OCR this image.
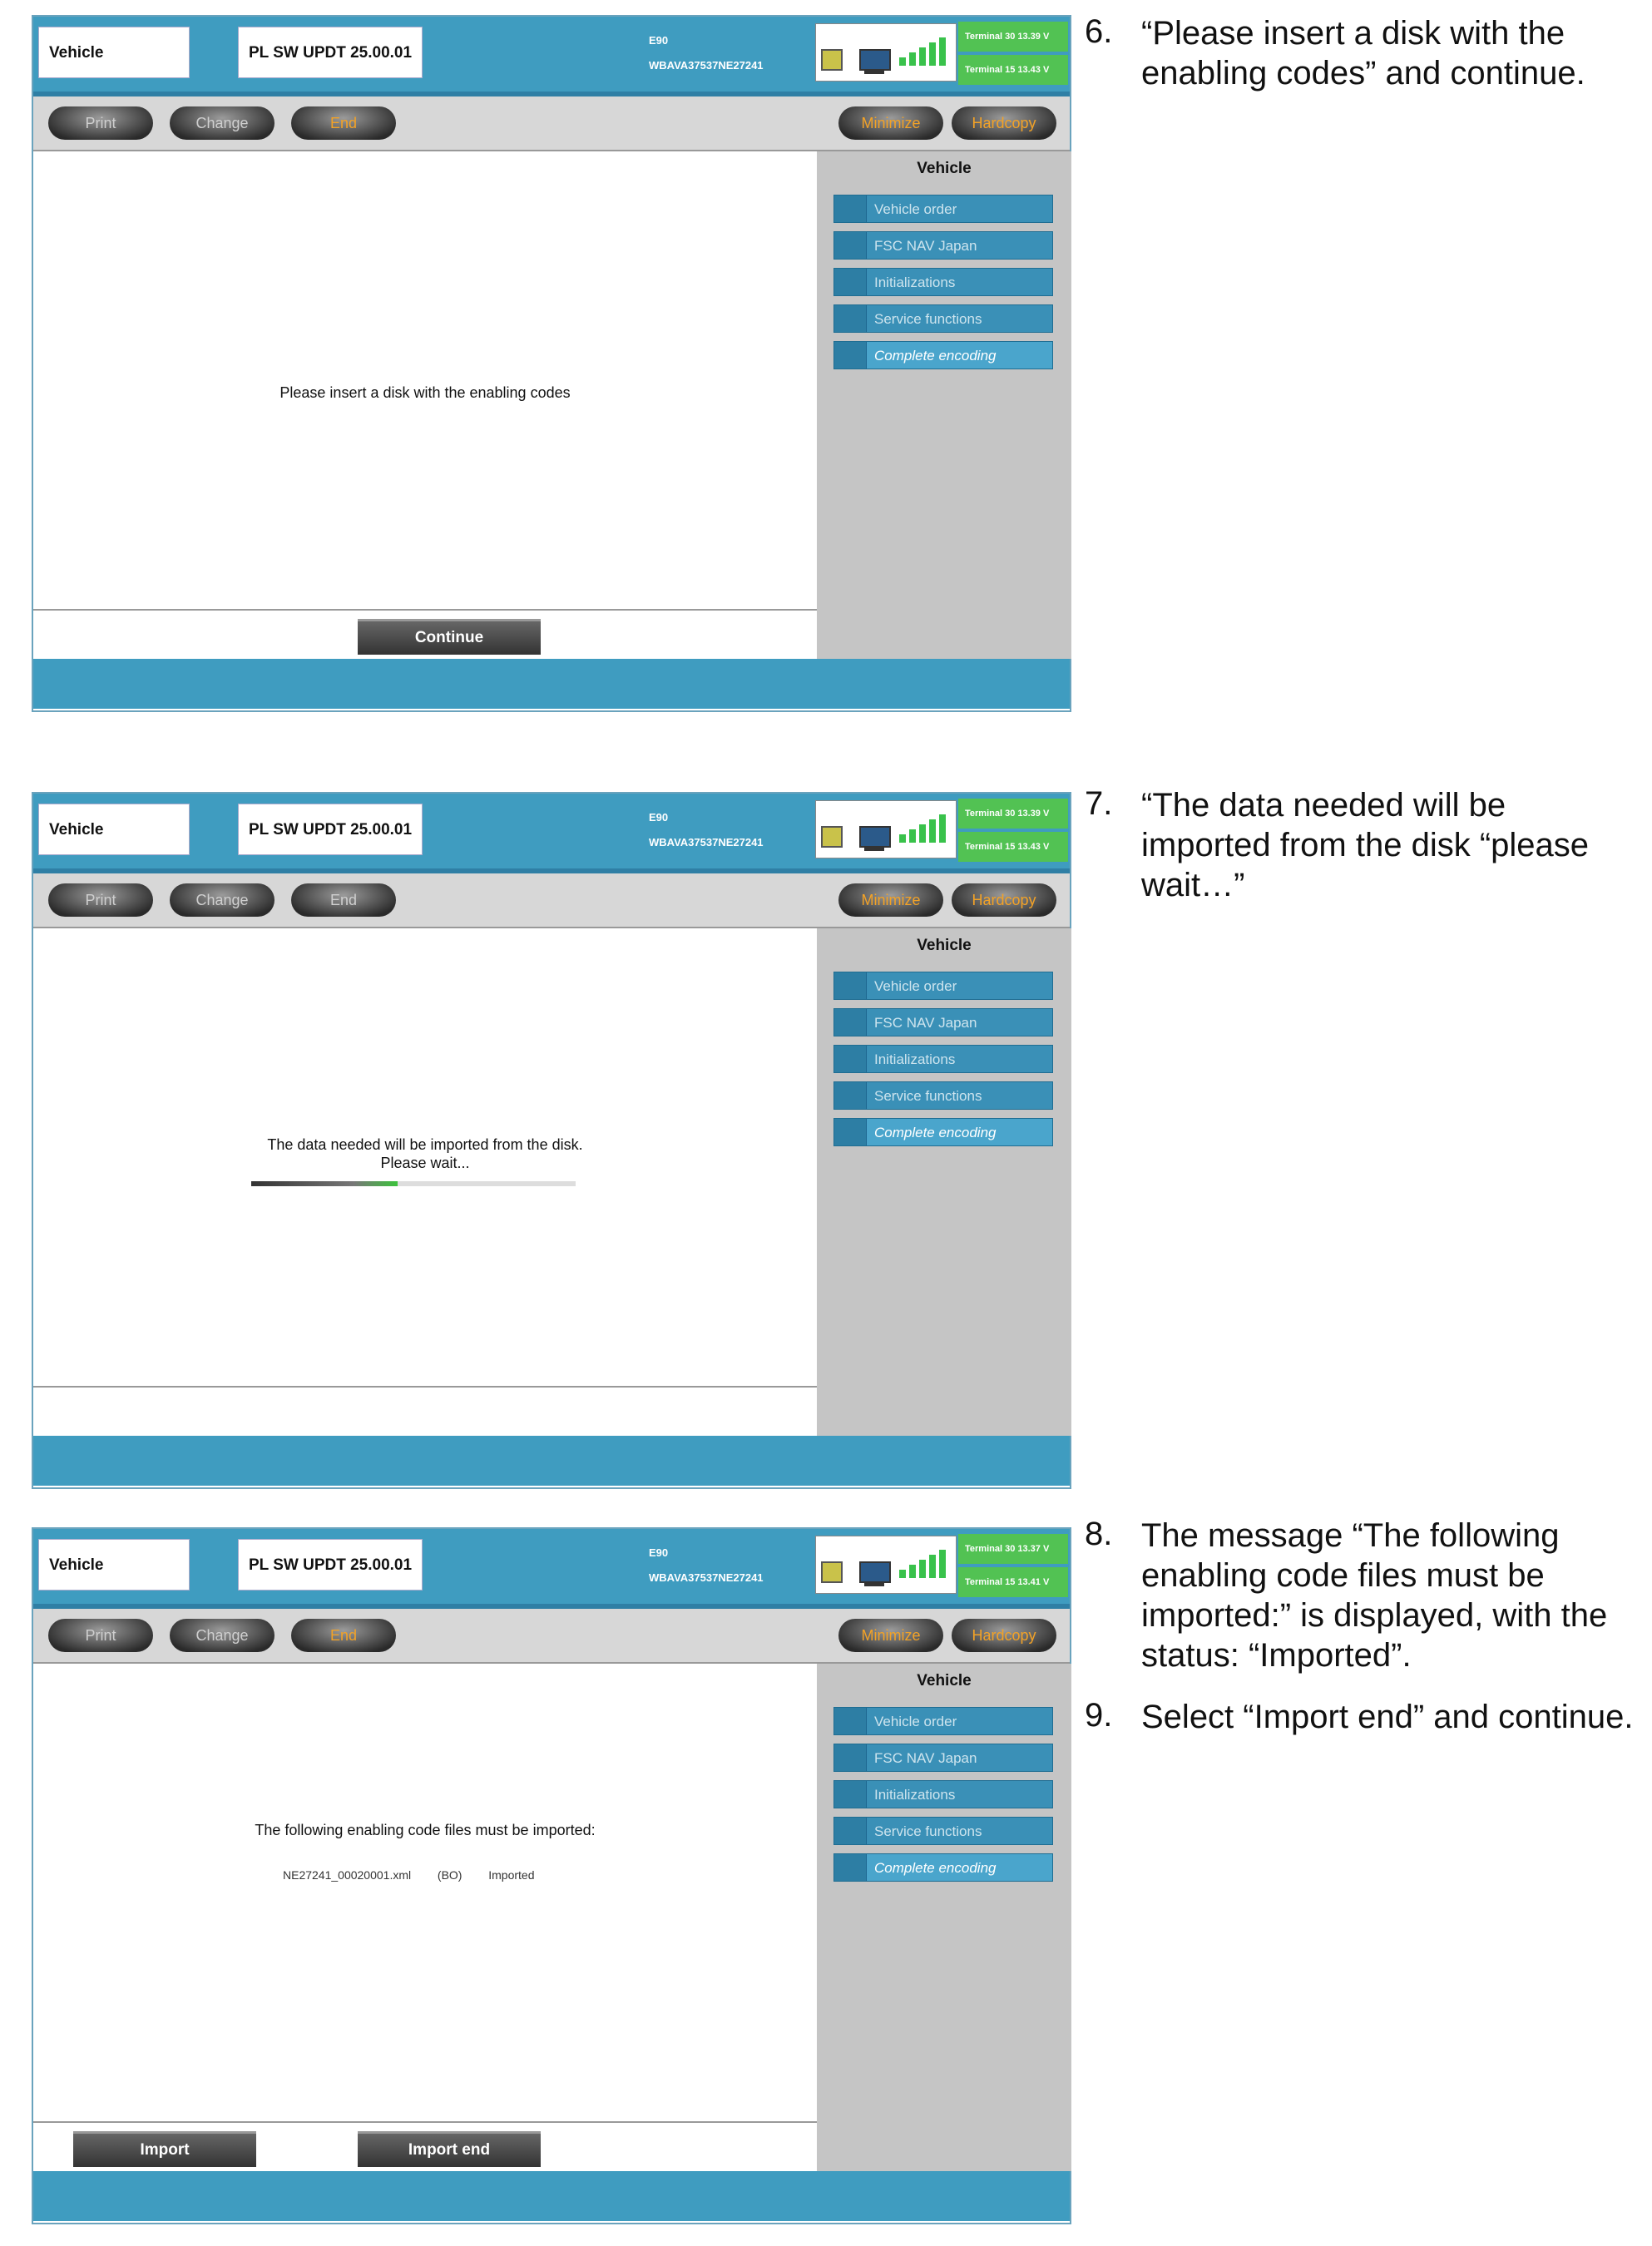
Vehicle	PL SW UPDT 25.00.01
E90
WBAVA37537NE27241
Terminal 30 13.39 V
Terminal 15 13.43 V
Print	Change	End	Minimize	Hardcopy
Please insert a disk with the enabling codes
Continue
Vehicle
Vehicle order
FSC NAV Japan
Initializations
Service functions
Complete encoding
Vehicle	PL SW UPDT 25.00.01
E90
WBAVA37537NE27241
Terminal 30 13.39 V
Terminal 15 13.43 V
Print	Change	End	Minimize	Hardcopy
The data needed will be imported from the disk.
Please wait...
Vehicle
Vehicle order
FSC NAV Japan
Initializations
Service functions
Complete encoding
Vehicle	PL SW UPDT 25.00.01
E90
WBAVA37537NE27241
Terminal 30 13.37 V
Terminal 15 13.41 V
Print	Change	End	Minimize	Hardcopy
The following enabling code files must be imported:
NE27241_00020001.xml (BO) Imported
Import	Import end
Vehicle
Vehicle order
FSC NAV Japan
Initializations
Service functions
Complete encoding
6. “Please insert a disk with the enabling codes” and continue.
7. “The data needed will be imported from the disk “please wait…”
8. The message “The following enabling code files must be imported:” is displayed, with the status: “Imported”.
9. Select “Import end” and continue.
